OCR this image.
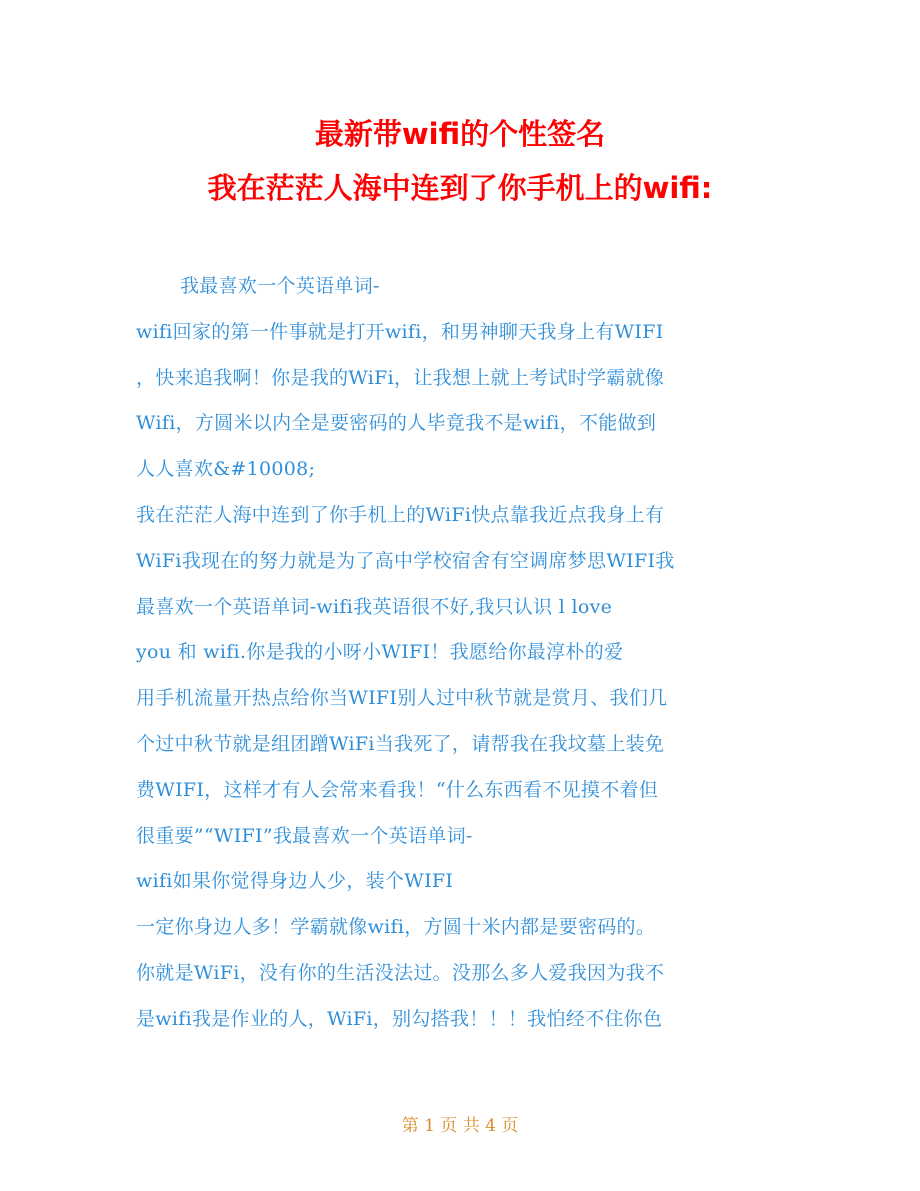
最新带wifi的个性签名
我在茫茫人海中连到了你手机上的wifi:
我最喜欢一个英语单词-
wifi回家的第一件事就是打开wifi，和男神聊天我身上有WIFI
，快来追我啊！你是我的WiFi，让我想上就上考试时学霸就像
Wifi，方圆米以内全是要密码的人毕竟我不是wifi，不能做到
人人喜欢&#10008;
我在茫茫人海中连到了你手机上的WiFi快点靠我近点我身上有
WiFi我现在的努力就是为了高中学校宿舍有空调席梦思WIFI我
最喜欢一个英语单词-wifi我英语很不好,我只认识 l love
you 和 wifi.你是我的小呀小WIFI！我愿给你最淳朴的爱
用手机流量开热点给你当WIFI别人过中秋节就是赏月、我们几
个过中秋节就是组团蹭WiFi当我死了，请帮我在我坟墓上装免
费WIFI，这样才有人会常来看我！“什么东西看不见摸不着但
很重要”“WIFI”我最喜欢一个英语单词-
wifi如果你觉得身边人少，装个WIFI
一定你身边人多！学霸就像wifi，方圆十米内都是要密码的。
你就是WiFi，没有你的生活没法过。没那么多人爱我因为我不
是wifi我是作业的人，WiFi，别勾搭我！！！我怕经不住你色
第 1 页 共 4 页
